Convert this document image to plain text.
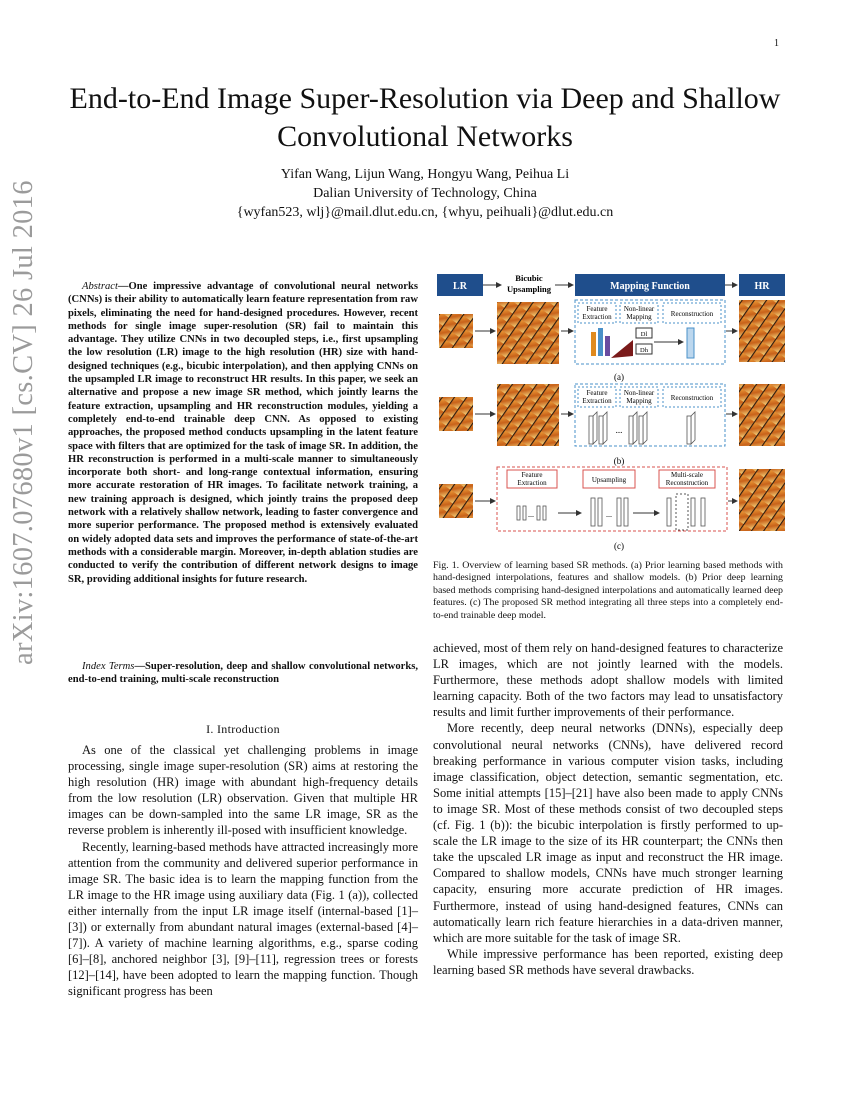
1
arXiv:1607.07680v1 [cs.CV] 26 Jul 2016
End-to-End Image Super-Resolution via Deep and Shallow Convolutional Networks
Yifan Wang, Lijun Wang, Hongyu Wang, Peihua Li
Dalian University of Technology, China
{wyfan523, wlj}@mail.dlut.edu.cn, {whyu, peihuali}@dlut.edu.cn

Abstract—One impressive advantage of convolutional neural networks (CNNs) is their ability to automatically learn feature representation from raw pixels, eliminating the need for hand-designed procedures. However, recent methods for single image super-resolution (SR) fail to maintain this advantage. They utilize CNNs in two decoupled steps, i.e., first upsampling the low resolution (LR) image to the high resolution (HR) size with hand-designed techniques (e.g., bicubic interpolation), and then applying CNNs on the upsampled LR image to reconstruct HR results. In this paper, we seek an alternative and propose a new image SR method, which jointly learns the feature extraction, upsampling and HR reconstruction modules, yielding a completely end-to-end trainable deep CNN. As opposed to existing approaches, the proposed method conducts upsampling in the latent feature space with filters that are optimized for the task of image SR. In addition, the HR reconstruction is performed in a multi-scale manner to simultaneously incorporate both short- and long-range contextual information, ensuring more accurate restoration of HR images. To facilitate network training, a new training approach is designed, which jointly trains the proposed deep network with a relatively shallow network, leading to faster convergence and more superior performance. The proposed method is extensively evaluated on widely adopted data sets and improves the performance of state-of-the-art methods with a considerable margin. Moreover, in-depth ablation studies are conducted to verify the contribution of different network designs to image SR, providing additional insights for future research.

Index Terms—Super-resolution, deep and shallow convolutional networks, end-to-end training, multi-scale reconstruction

I. Introduction

As one of the classical yet challenging problems in image processing, single image super-resolution (SR) aims at restoring the high resolution (HR) image with abundant high-frequency details from the low resolution (LR) observation. Given that multiple HR images can be down-sampled into the same LR image, SR as the reverse problem is inherently ill-posed with insufficient knowledge.

Recently, learning-based methods have attracted increasingly more attention from the community and delivered superior performance in image SR. The basic idea is to learn the mapping function from the LR image to the HR image using auxiliary data (Fig. 1 (a)), collected either internally from the input LR image itself (internal-based [1]–[3]) or externally from abundant natural images (external-based [4]–[7]). A variety of machine learning algorithms, e.g., sparse coding [6]–[8], anchored neighbor [3], [9]–[11], regression trees or forests [12]–[14], have been adopted to learn the mapping function. Though significant progress has been

achieved, most of them rely on hand-designed features to characterize LR images, which are not jointly learned with the models. Furthermore, these methods adopt shallow models with limited learning capacity. Both of the two factors may lead to unsatisfactory results and limit further improvements of their performance.

More recently, deep neural networks (DNNs), especially deep convolutional neural networks (CNNs), have delivered record breaking performance in various computer vision tasks, including image classification, object detection, semantic segmentation, etc. Some initial attempts [15]–[21] have also been made to apply CNNs to image SR. Most of these methods consist of two decoupled steps (cf. Fig. 1 (b)): the bicubic interpolation is firstly performed to up-scale the LR image to the size of its HR counterpart; the CNNs then take the upscaled LR image as input and reconstruct the HR image. Compared to shallow models, CNNs have much stronger learning capacity, ensuring more accurate prediction of HR images. Furthermore, instead of using hand-designed features, CNNs can automatically learn rich feature hierarchies in a data-driven manner, which are more suitable for the task of image SR.

While impressive performance has been reported, existing deep learning based SR methods have several drawbacks.

LR
Bicubic Upsampling	Mapping Function	HR
Feature Extraction
Non-linear Mapping	Reconstruction
Dl
Dh
(a)
Feature Extraction
Non-linear Mapping	Reconstruction
...
(b)
Feature Extraction	Upsampling
Multi-scale Reconstruction
...	...
(c)

Fig. 1. Overview of learning based SR methods. (a) Prior learning based methods with hand-designed interpolations, features and shallow models. (b) Prior deep learning based methods comprising hand-designed interpolations and automatically learned deep features. (c) The proposed SR method integrating all three steps into a completely end-to-end trainable deep model.
